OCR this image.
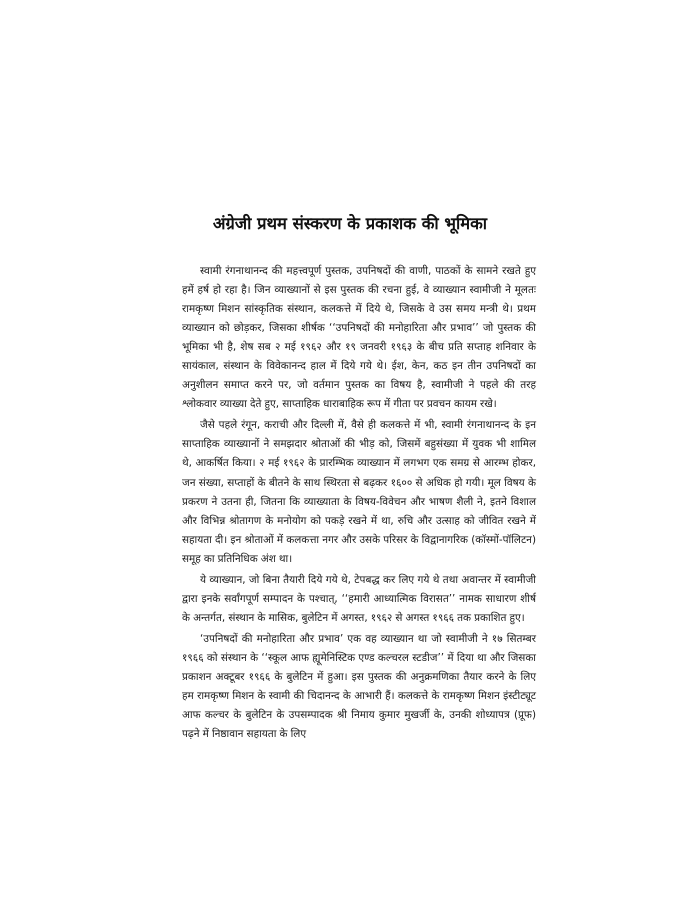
अंग्रेजी प्रथम संस्करण के प्रकाशक की भूमिका

स्वामी रंगनाथानन्द की महत्त्वपूर्ण पुस्तक, उपनिषदों की वाणी, पाठकों के सामने रखते हुए हमें हर्ष हो रहा है। जिन व्याख्यानों से इस पुस्तक की रचना हुई, वे व्याख्यान स्वामीजी ने मूलतः रामकृष्ण मिशन सांस्कृतिक संस्थान, कलकत्ते में दिये थे, जिसके वे उस समय मन्त्री थे। प्रथम व्याख्यान को छोड़कर, जिसका शीर्षक ‘‘उपनिषदों की मनोहारिता और प्रभाव’’ जो पुस्तक की भूमिका भी है, शेष सब २ मई १९६२ और १९ जनवरी १९६३ के बीच प्रति सप्ताह शनिवार के सायंकाल, संस्थान के विवेकानन्द हाल में दिये गये थे। ईश, केन, कठ इन तीन उपनिषदों का अनुशीलन समाप्त करने पर, जो वर्तमान पुस्तक का विषय है, स्वामीजी ने पहले की तरह श्लोकवार व्याख्या देते हुए, साप्ताहिक धाराबाहिक रूप में गीता पर प्रवचन कायम रखे।

जैसे पहले रंगून, कराची और दिल्ली में, वैसे ही कलकत्ते में भी, स्वामी रंगनाथानन्द के इन साप्ताहिक व्याख्यानों ने समझदार श्रोताओं की भीड़ को, जिसमें बहुसंख्या में युवक भी शामिल थे, आकर्षित किया। २ मई १९६२ के प्रारम्भिक व्याख्यान में लगभग एक समग्र से आरम्भ होकर, जन संख्या, सप्ताहों के बीतने के साथ स्थिरता से बढ़कर १६०० से अधिक हो गयी। मूल विषय के प्रकरण ने उतना ही, जितना कि व्याख्याता के विषय-विवेचन और भाषण शैली ने, इतने विशाल और विभिन्न श्रोतागण के मनोयोग को पकड़े रखने में था, रुचि और उत्साह को जीवित रखने में सहायता दी। इन श्रोताओं में कलकत्ता नगर और उसके परिसर के विद्वानागरिक (कॉस्मों-पॉलिटन) समूह का प्रतिनिधिक अंश था।

ये व्याख्यान, जो बिना तैयारी दिये गये थे, टेपबद्ध कर लिए गये थे तथा अवान्तर में स्वामीजी द्वारा इनके सर्वांगपूर्ण सम्पादन के पश्चात्, ‘‘हमारी आध्यात्मिक विरासत’’ नामक साधारण शीर्ष के अन्तर्गत, संस्थान के मासिक, बुलेटिन में अगस्त, १९६२ से अगस्त १९६६ तक प्रकाशित हुए।

‘उपनिषदों की मनोहारिता और प्रभाव’ एक वह व्याख्यान था जो स्वामीजी ने १७ सितम्बर १९६६ को संस्थान के ‘‘स्कूल आफ ह्यूमेनिस्टिक एण्ड कल्चरल स्टडीज’’ में दिया था और जिसका प्रकाशन अक्टूबर १९६६ के बुलेटिन में हुआ। इस पुस्तक की अनुक्रमणिका तैयार करने के लिए हम रामकृष्ण मिशन के स्वामी की चिदानन्द के आभारी हैं। कलकत्ते के रामकृष्ण मिशन इंस्टीट्यूट आफ कल्चर के बुलेटिन के उपसम्पादक श्री निमाय कुमार मुखर्जी के, उनकी शोध्यापत्र (प्रूफ) पढ़ने में निष्ठावान सहायता के लिए
